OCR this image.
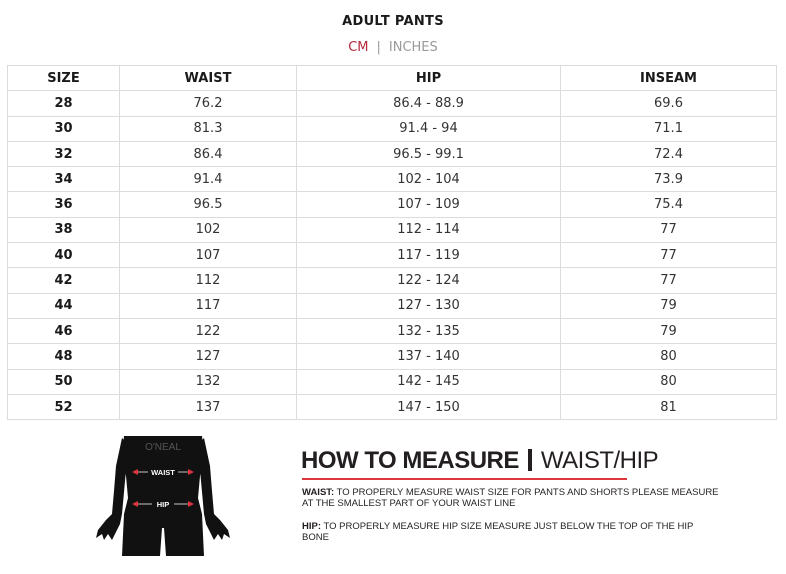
ADULT PANTS
CM | INCHES
SIZE	WAIST	HIP	INSEAM
28	76.2	86.4 - 88.9	69.6
30	81.3	91.4 - 94	71.1
32	86.4	96.5 - 99.1	72.4
34	91.4	102 - 104	73.9
36	96.5	107 - 109	75.4
38	102	112 - 114	77
40	107	117 - 119	77
42	112	122 - 124	77
44	117	127 - 130	79
46	122	132 - 135	79
48	127	137 - 140	80
50	132	142 - 145	80
52	137	147 - 150	81
O'NEAL
WAIST
HIP
HOW TO MEASURE WAIST/HIP
WAIST: TO PROPERLY MEASURE WAIST SIZE FOR PANTS AND SHORTS PLEASE MEASURE AT THE SMALLEST PART OF YOUR WAIST LINE
HIP: TO PROPERLY MEASURE HIP SIZE MEASURE JUST BELOW THE TOP OF THE HIP BONE
